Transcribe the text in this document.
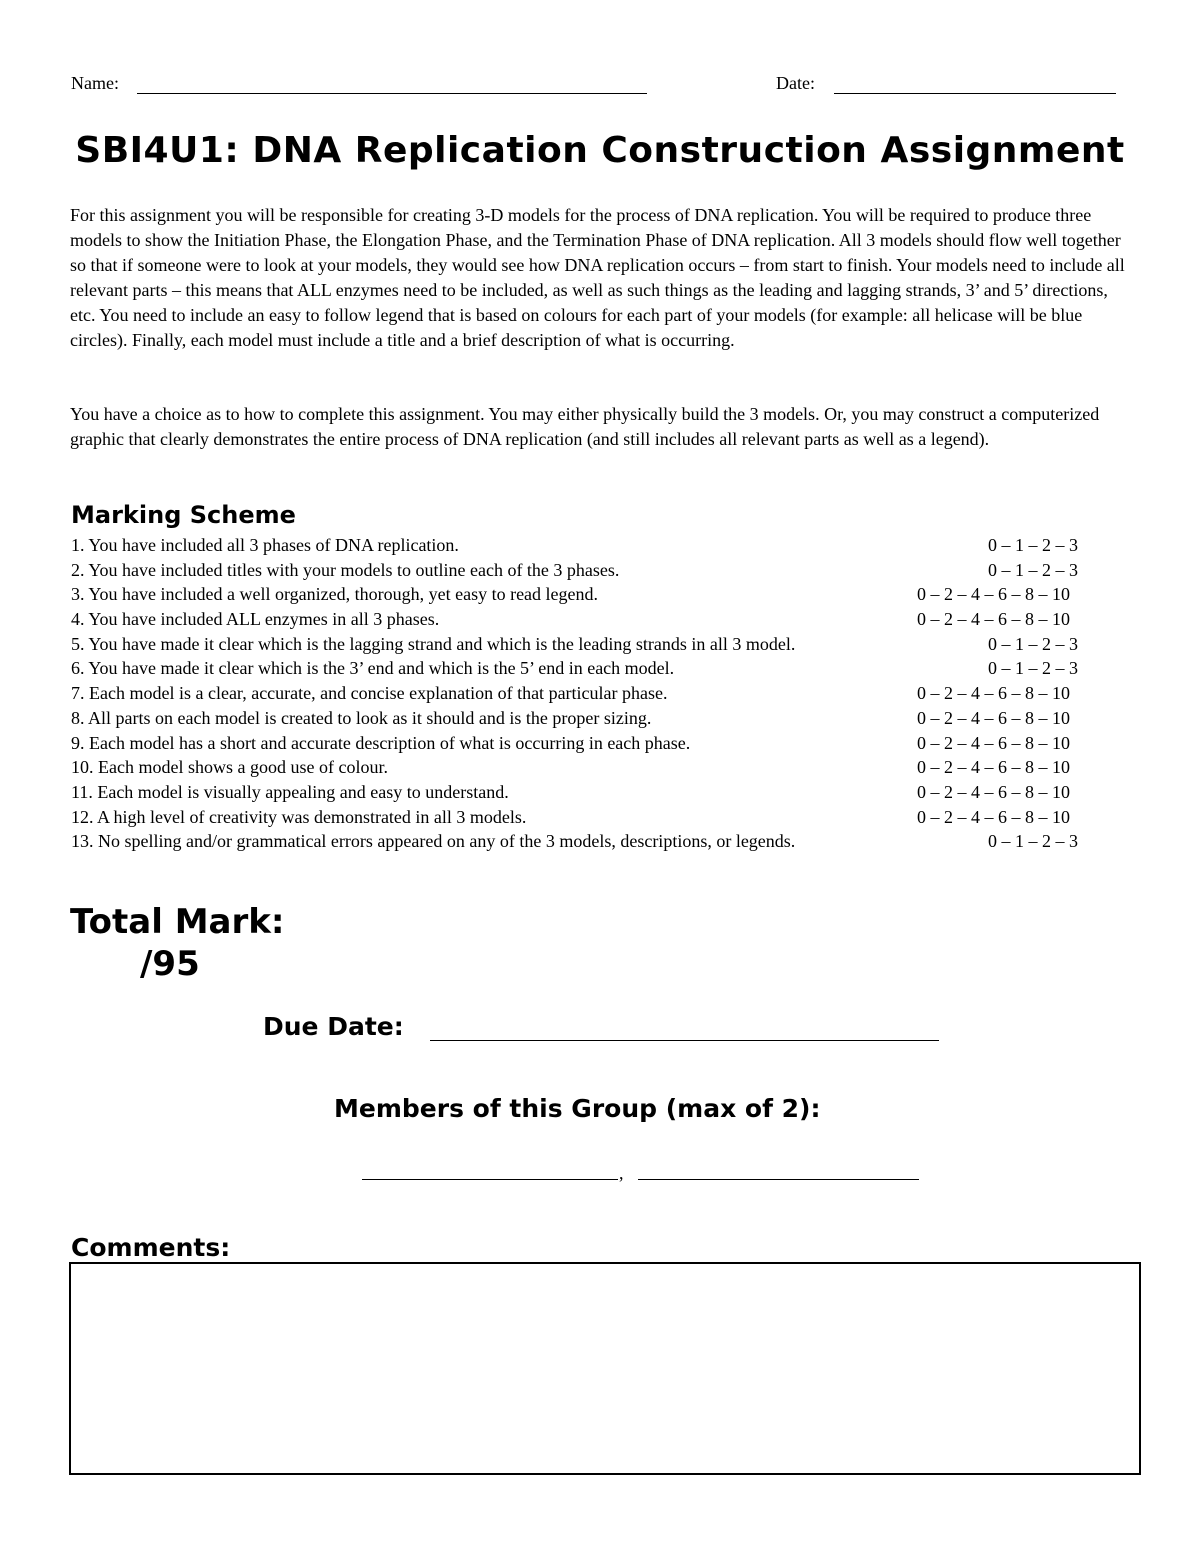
Name:	Date:
SBI4U1: DNA Replication Construction Assignment

For this assignment you will be responsible for creating 3-D models for the process of DNA replication. You will be required to produce three models to show the Initiation Phase, the Elongation Phase, and the Termination Phase of DNA replication. All 3 models should flow well together so that if someone were to look at your models, they would see how DNA replication occurs – from start to finish. Your models need to include all relevant parts – this means that ALL enzymes need to be included, as well as such things as the leading and lagging strands, 3’ and 5’ directions, etc. You need to include an easy to follow legend that is based on colours for each part of your models (for example: all helicase will be blue circles). Finally, each model must include a title and a brief description of what is occurring.

You have a choice as to how to complete this assignment. You may either physically build the 3 models. Or, you may construct a computerized graphic that clearly demonstrates the entire process of DNA replication (and still includes all relevant parts as well as a legend).

Marking Scheme
1. You have included all 3 phases of DNA replication.	0 – 1 – 2 – 3
2. You have included titles with your models to outline each of the 3 phases.	0 – 1 – 2 – 3
3. You have included a well organized, thorough, yet easy to read legend.	0 – 2 – 4 – 6 – 8 – 10
4. You have included ALL enzymes in all 3 phases.	0 – 2 – 4 – 6 – 8 – 10
5. You have made it clear which is the lagging strand and which is the leading strands in all 3 model.	0 – 1 – 2 – 3
6. You have made it clear which is the 3’ end and which is the 5’ end in each model.	0 – 1 – 2 – 3
7. Each model is a clear, accurate, and concise explanation of that particular phase.	0 – 2 – 4 – 6 – 8 – 10
8. All parts on each model is created to look as it should and is the proper sizing.	0 – 2 – 4 – 6 – 8 – 10
9. Each model has a short and accurate description of what is occurring in each phase.	0 – 2 – 4 – 6 – 8 – 10
10. Each model shows a good use of colour.	0 – 2 – 4 – 6 – 8 – 10
11. Each model is visually appealing and easy to understand.	0 – 2 – 4 – 6 – 8 – 10
12. A high level of creativity was demonstrated in all 3 models.	0 – 2 – 4 – 6 – 8 – 10
13. No spelling and/or grammatical errors appeared on any of the 3 models, descriptions, or legends.	0 – 1 – 2 – 3
Total Mark:
/95
Due Date:
Members of this Group (max of 2):
,
Comments:
